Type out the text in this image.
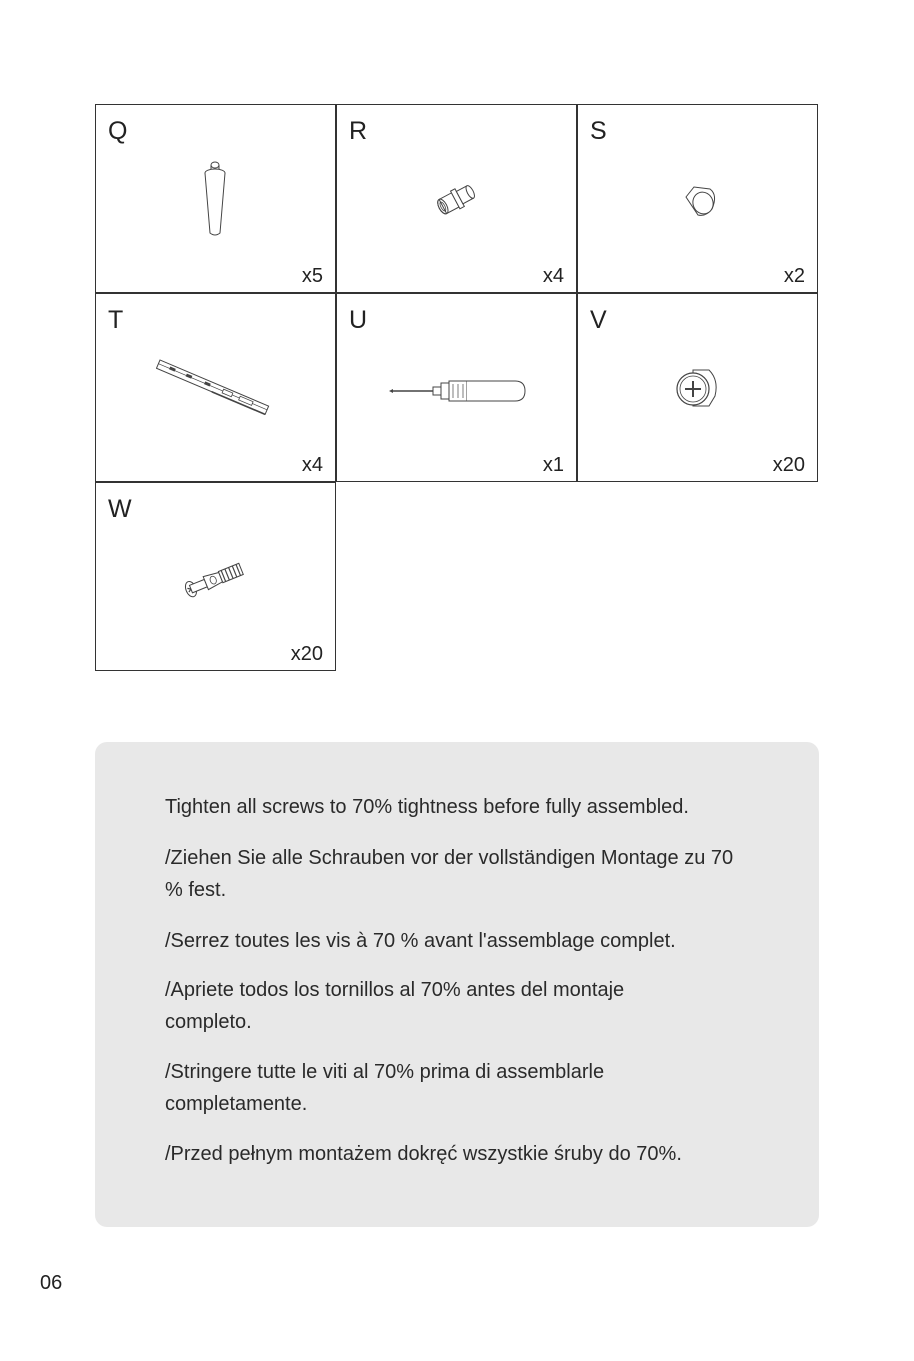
Q
x5
R
x4
S
x2
T
x4
U
x1
V
x20
W
x20
Tighten all screws to 70% tightness before fully assembled.
/Ziehen Sie alle Schrauben vor der vollständigen Montage zu 70 % fest.
/Serrez toutes les vis à 70 % avant l'assemblage complet.
/Apriete todos los tornillos al 70% antes del montaje completo.
/Stringere tutte le viti al 70% prima di assemblarle completamente.
/Przed pełnym montażem dokręć wszystkie śruby do 70%.
06
